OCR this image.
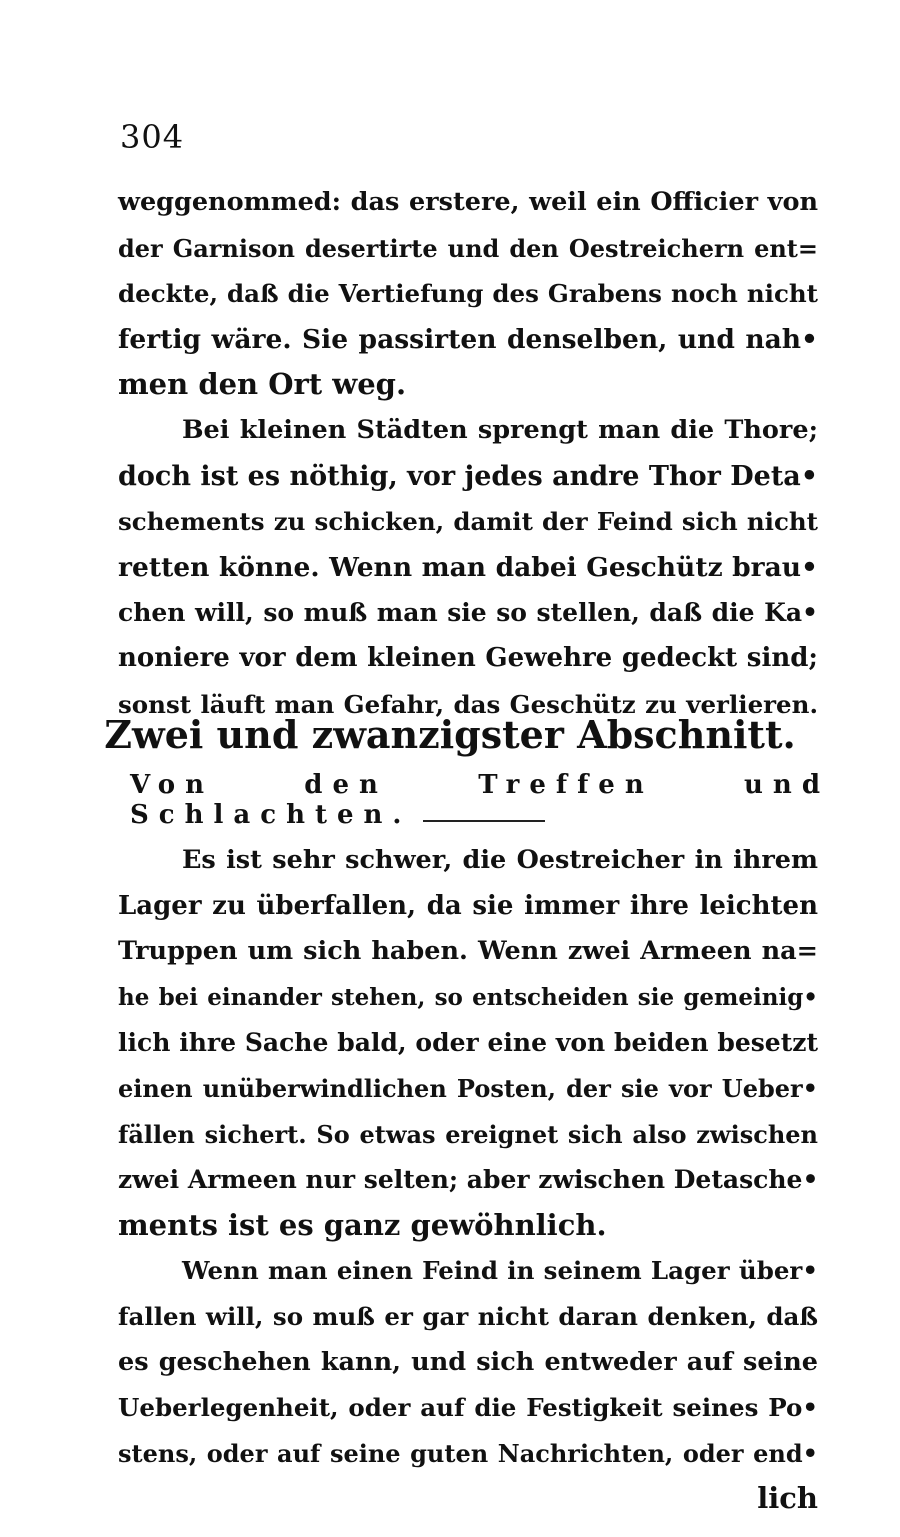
304
weggenommed: das erstere, weil ein Officier von
der Garnison desertirte und den Oestreichern ent=
deckte, daß die Vertiefung des Grabens noch nicht
fertig wäre. Sie passirten denselben, und nah•
men den Ort weg.
Bei kleinen Städten sprengt man die Thore;
doch ist es nöthig, vor jedes andre Thor Deta•
schements zu schicken, damit der Feind sich nicht
retten könne. Wenn man dabei Geschütz brau•
chen will, so muß man sie so stellen, daß die Ka•
noniere vor dem kleinen Gewehre gedeckt sind;
sonst läuft man Gefahr, das Geschütz zu verlieren.
Zwei und zwanzigster Abschnitt.
Von den Treffen und Schlachten.
Es ist sehr schwer, die Oestreicher in ihrem
Lager zu überfallen, da sie immer ihre leichten
Truppen um sich haben. Wenn zwei Armeen na=
he bei einander stehen, so entscheiden sie gemeinig•
lich ihre Sache bald, oder eine von beiden besetzt
einen unüberwindlichen Posten, der sie vor Ueber•
fällen sichert. So etwas ereignet sich also zwischen
zwei Armeen nur selten; aber zwischen Detasche•
ments ist es ganz gewöhnlich.
Wenn man einen Feind in seinem Lager über•
fallen will, so muß er gar nicht daran denken, daß
es geschehen kann, und sich entweder auf seine
Ueberlegenheit, oder auf die Festigkeit seines Po•
stens, oder auf seine guten Nachrichten, oder end•
lich
